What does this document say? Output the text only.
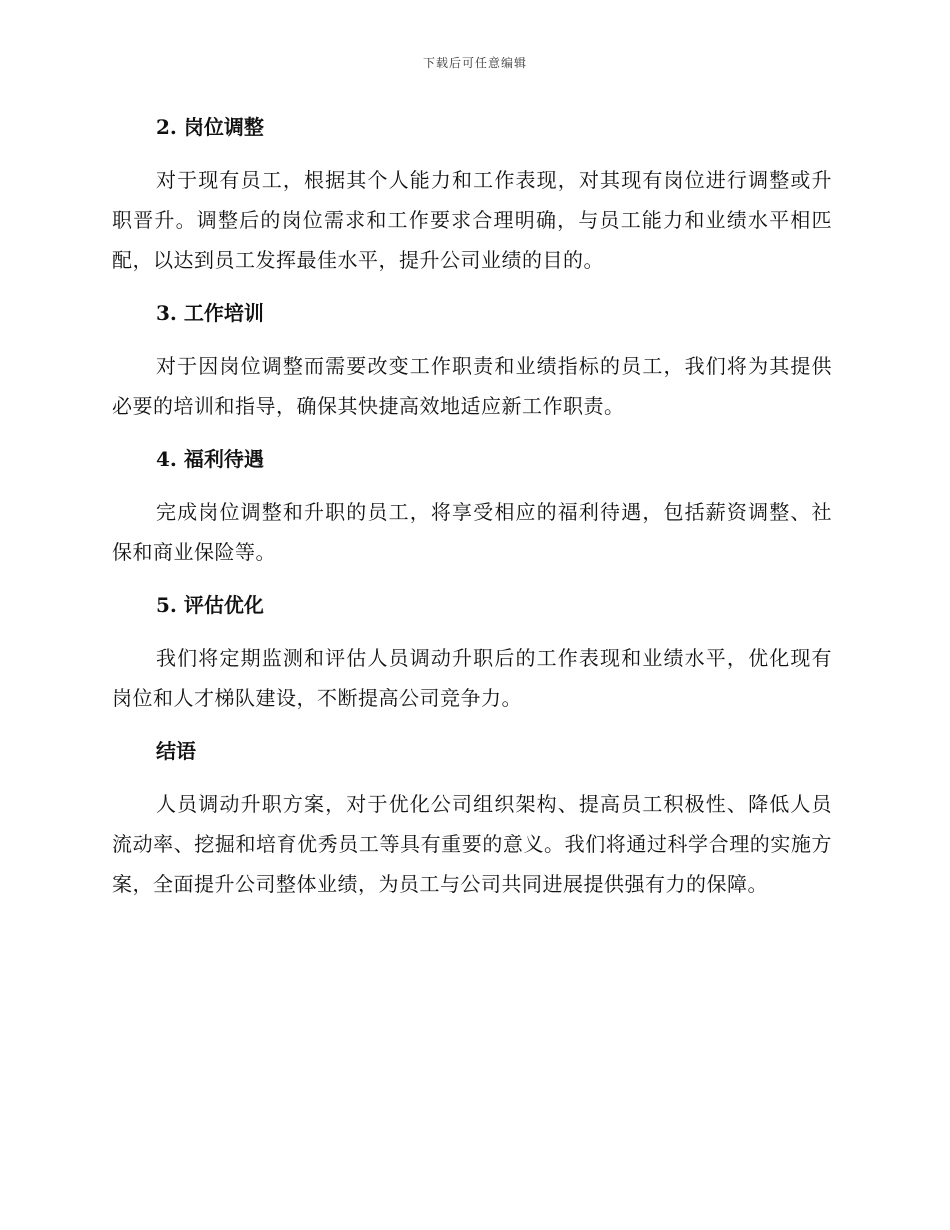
下载后可任意编辑
2. 岗位调整

对于现有员工，根据其个人能力和工作表现，对其现有岗位进行调整或升职晋升。调整后的岗位需求和工作要求合理明确，与员工能力和业绩水平相匹配，以达到员工发挥最佳水平，提升公司业绩的目的。

3. 工作培训

对于因岗位调整而需要改变工作职责和业绩指标的员工，我们将为其提供必要的培训和指导，确保其快捷高效地适应新工作职责。

4. 福利待遇

完成岗位调整和升职的员工，将享受相应的福利待遇，包括薪资调整、社保和商业保险等。

5. 评估优化

我们将定期监测和评估人员调动升职后的工作表现和业绩水平，优化现有岗位和人才梯队建设，不断提高公司竞争力。

结语

人员调动升职方案，对于优化公司组织架构、提高员工积极性、降低人员流动率、挖掘和培育优秀员工等具有重要的意义。我们将通过科学合理的实施方案，全面提升公司整体业绩，为员工与公司共同进展提供强有力的保障。
